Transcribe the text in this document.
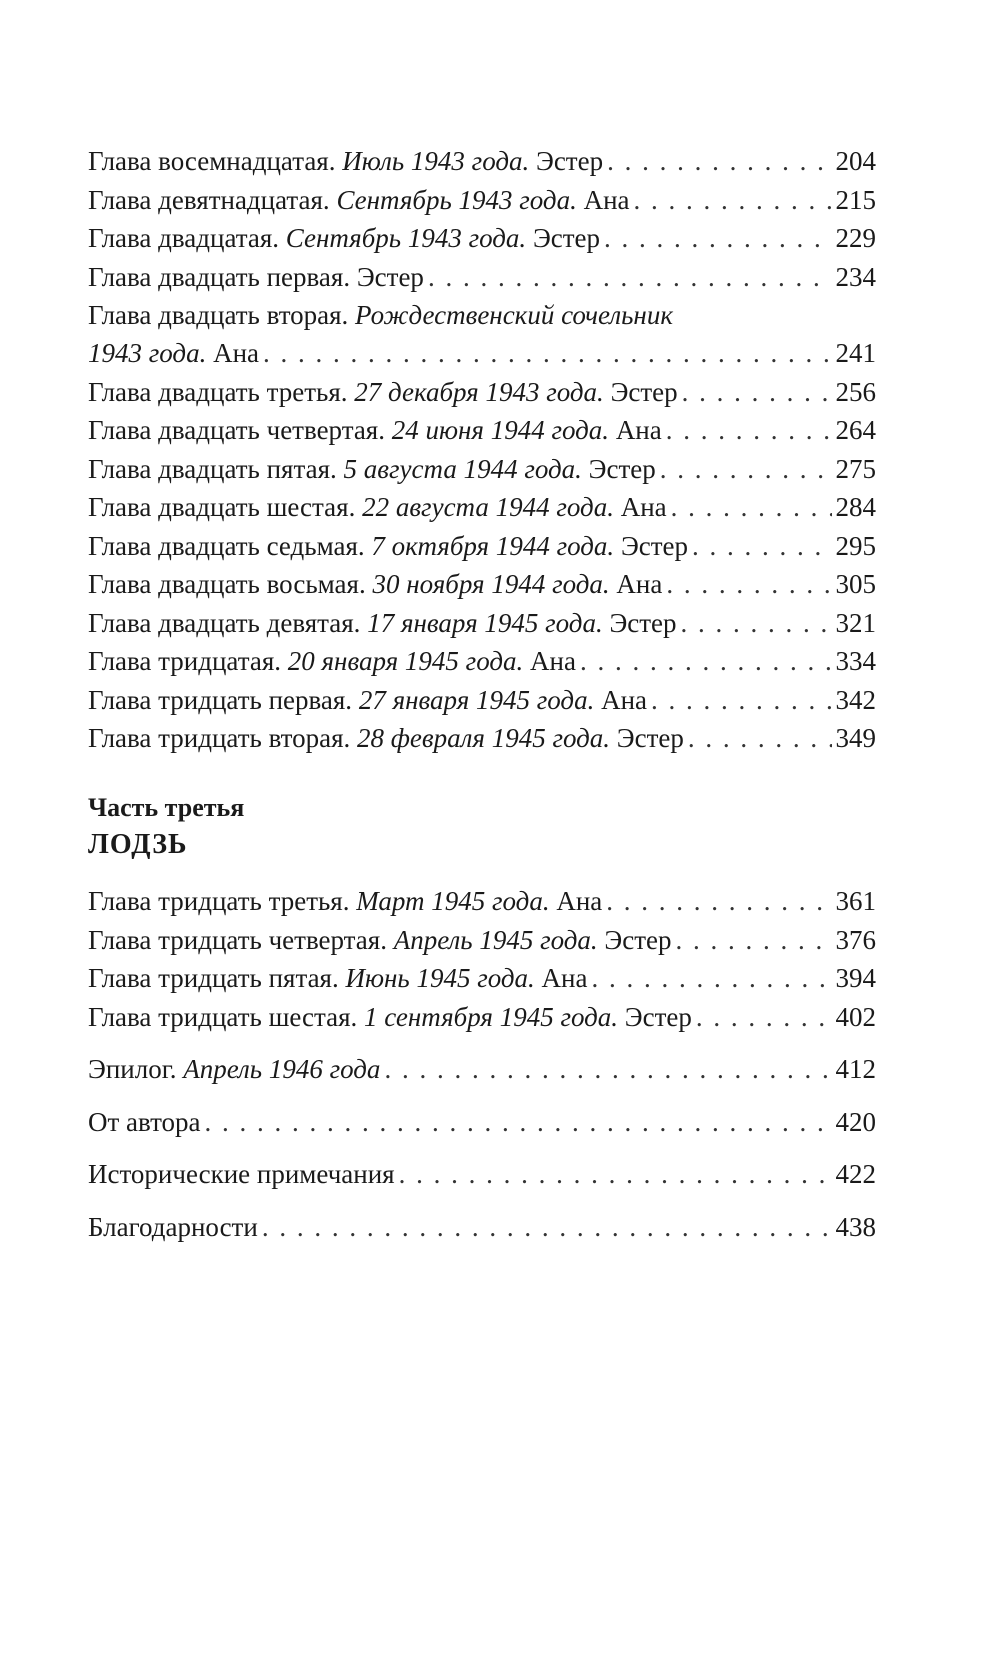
Глава восемнадцатая. Июль 1943 года. Эстер . . .	204
Глава девятнадцатая. Сентябрь 1943 года. Ана . . .	215
Глава двадцатая. Сентябрь 1943 года. Эстер . . .	229
Глава двадцать первая. Эстер . . .	234
Глава двадцать вторая. Рождественский сочельник
1943 года. Ана . . .	241
Глава двадцать третья. 27 декабря 1943 года. Эстер . . .	256
Глава двадцать четвертая. 24 июня 1944 года. Ана . . .	264
Глава двадцать пятая. 5 августа 1944 года. Эстер . . .	275
Глава двадцать шестая. 22 августа 1944 года. Ана . . .	284
Глава двадцать седьмая. 7 октября 1944 года. Эстер . . .	295
Глава двадцать восьмая. 30 ноября 1944 года. Ана . . .	305
Глава двадцать девятая. 17 января 1945 года. Эстер . . .	321
Глава тридцатая. 20 января 1945 года. Ана . . .	334
Глава тридцать первая. 27 января 1945 года. Ана . . .	342
Глава тридцать вторая. 28 февраля 1945 года. Эстер . . .	349
Часть третья
ЛОДЗЬ
Глава тридцать третья. Март 1945 года. Ана . . .	361
Глава тридцать четвертая. Апрель 1945 года. Эстер . . .	376
Глава тридцать пятая. Июнь 1945 года. Ана . . .	394
Глава тридцать шестая. 1 сентября 1945 года. Эстер . . .	402
Эпилог. Апрель 1946 года . . .	412
От автора . . .	420
Исторические примечания . . .	422
Благодарности . . .	438
